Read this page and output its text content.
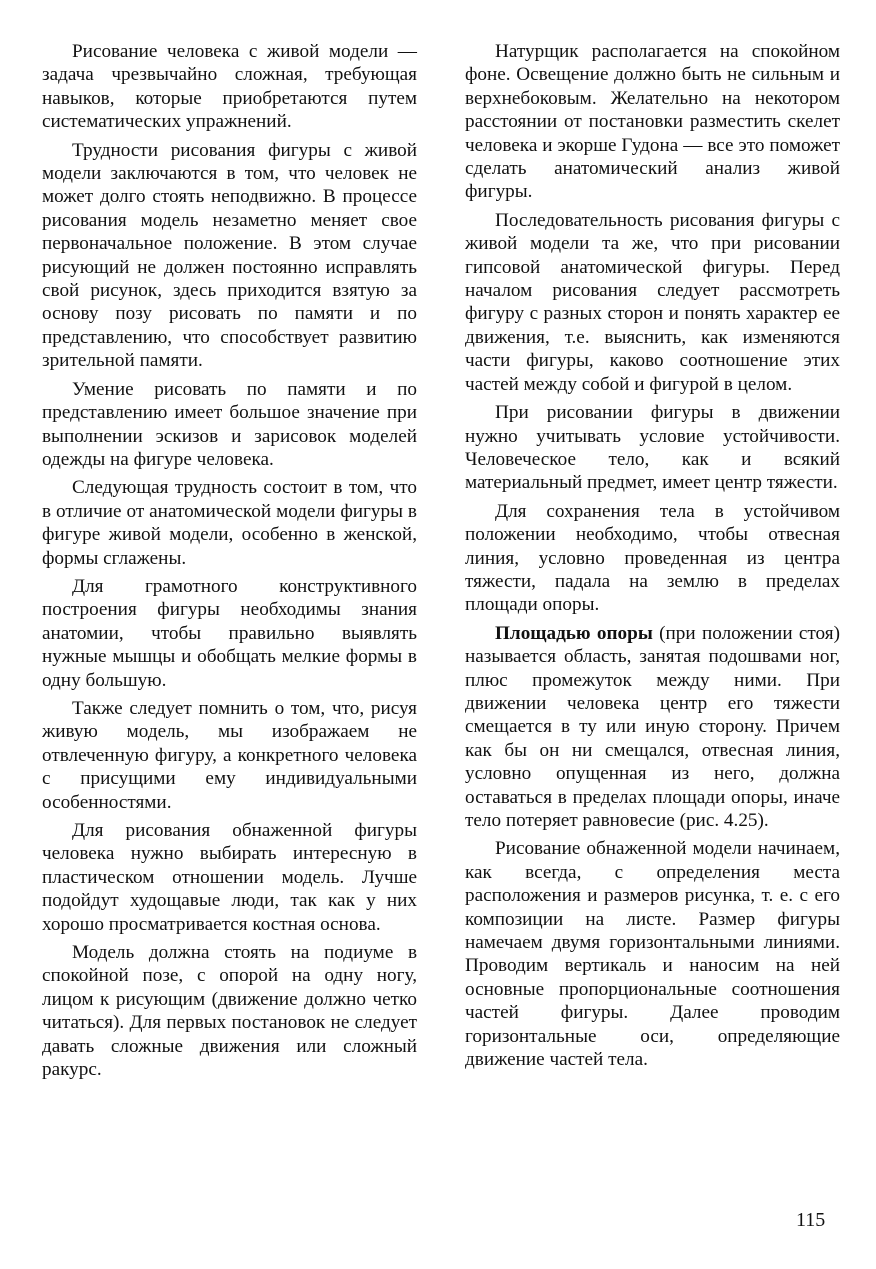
Рисование человека с живой модели — задача чрезвычайно сложная, требующая навыков, которые приобретаются путем систематических упражнений.

Трудности рисования фигуры с живой модели заключаются в том, что человек не может долго стоять неподвижно. В процессе рисования модель незаметно меняет свое первоначальное положение. В этом случае рисующий не должен постоянно исправлять свой рисунок, здесь приходится взятую за основу позу рисовать по памяти и по представлению, что способствует развитию зрительной памяти.

Умение рисовать по памяти и по представлению имеет большое значение при выполнении эскизов и зарисовок моделей одежды на фигуре человека.

Следующая трудность состоит в том, что в отличие от анатомической модели фигуры в фигуре живой модели, особенно в женской, формы сглажены.

Для грамотного конструктивного построения фигуры необходимы знания анатомии, чтобы правильно выявлять нужные мышцы и обобщать мелкие формы в одну большую.

Также следует помнить о том, что, рисуя живую модель, мы изображаем не отвлеченную фигуру, а конкретного человека с присущими ему индивидуальными особенностями.

Для рисования обнаженной фигуры человека нужно выбирать интересную в пластическом отношении модель. Лучше подойдут худощавые люди, так как у них хорошо просматривается костная основа.

Модель должна стоять на подиуме в спокойной позе, с опорой на одну ногу, лицом к рисующим (движение должно четко читаться). Для первых постановок не следует давать сложные движения или сложный ракурс.

Натурщик располагается на спокойном фоне. Освещение должно быть не сильным и верхнебоковым. Желательно на некотором расстоянии от постановки разместить скелет человека и экорше Гудона — все это поможет сделать анатомический анализ живой фигуры.

Последовательность рисования фигуры с живой модели та же, что при рисовании гипсовой анатомической фигуры. Перед началом рисования следует рассмотреть фигуру с разных сторон и понять характер ее движения, т.е. выяснить, как изменяются части фигуры, каково соотношение этих частей между собой и фигурой в целом.

При рисовании фигуры в движении нужно учитывать условие устойчивости. Человеческое тело, как и всякий материальный предмет, имеет центр тяжести.

Для сохранения тела в устойчивом положении необходимо, чтобы отвесная линия, условно проведенная из центра тяжести, падала на землю в пределах площади опоры.

Площадью опоры (при положении стоя) называется область, занятая подошвами ног, плюс промежуток между ними. При движении человека центр его тяжести смещается в ту или иную сторону. Причем как бы он ни смещался, отвесная линия, условно опущенная из него, должна оставаться в пределах площади опоры, иначе тело потеряет равновесие (рис. 4.25).

Рисование обнаженной модели начинаем, как всегда, с определения места расположения и размеров рисунка, т. е. с его композиции на листе. Размер фигуры намечаем двумя горизонтальными линиями. Проводим вертикаль и наносим на ней основные пропорциональные соотношения частей фигуры. Далее проводим горизонтальные оси, определяющие движение частей тела.

115
